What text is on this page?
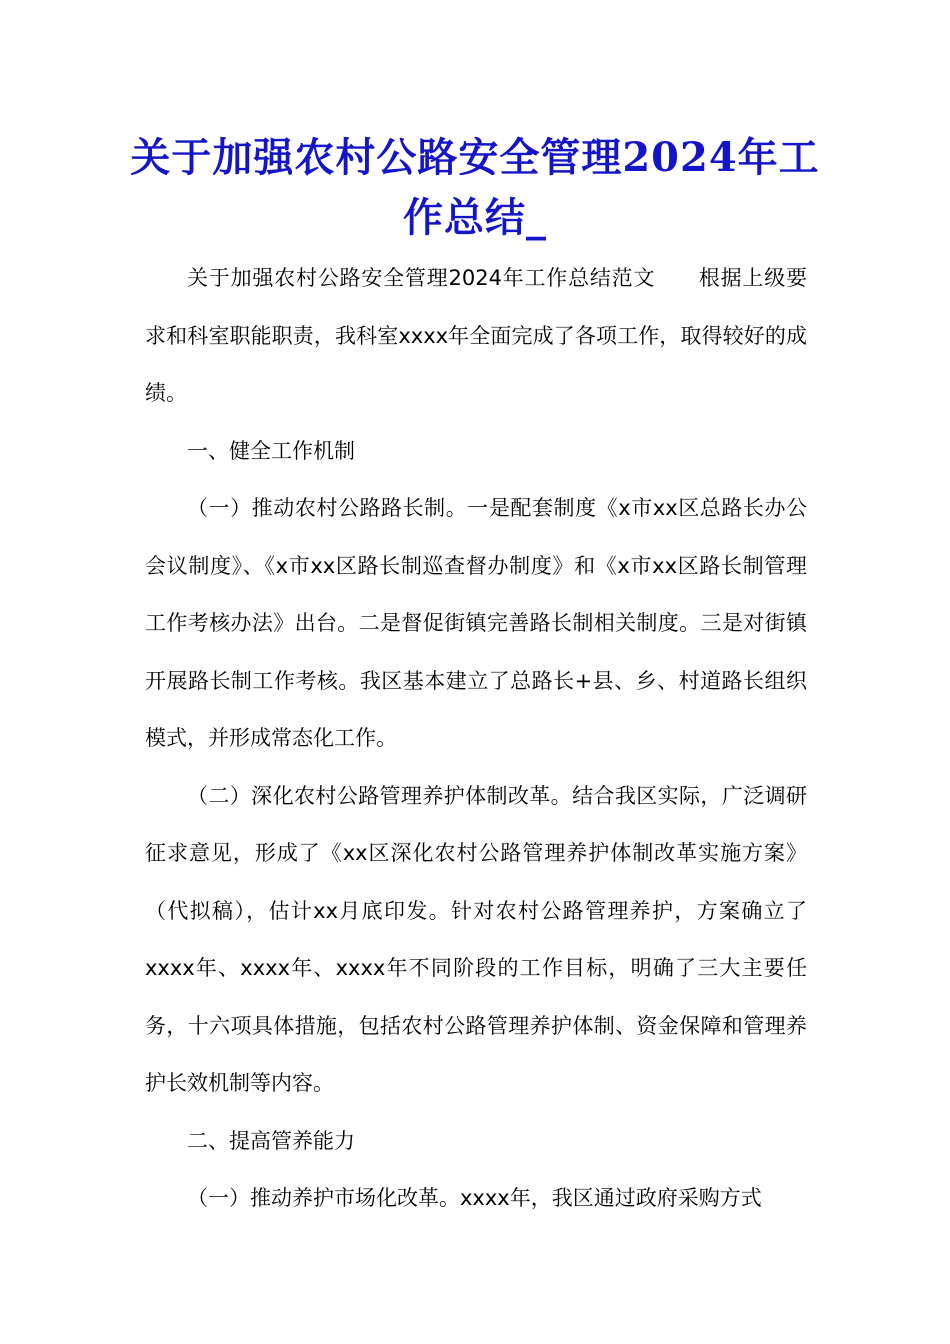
关于加强农村公路安全管理2024年工作总结_

关于加强农村公路安全管理2024年工作总结范文　　根据上级要求和科室职能职责，我科室xxxx年全面完成了各项工作，取得较好的成绩。

一、健全工作机制

（一）推动农村公路路长制。一是配套制度《x市xx区总路长办公会议制度》、《x市xx区路长制巡查督办制度》和《x市xx区路长制管理工作考核办法》出台。二是督促街镇完善路长制相关制度。三是对街镇开展路长制工作考核。我区基本建立了总路长+县、乡、村道路长组织模式，并形成常态化工作。

（二）深化农村公路管理养护体制改革。结合我区实际，广泛调研征求意见，形成了《xx区深化农村公路管理养护体制改革实施方案》（代拟稿），估计xx月底印发。针对农村公路管理养护，方案确立了xxxx年、xxxx年、xxxx年不同阶段的工作目标，明确了三大主要任务，十六项具体措施，包括农村公路管理养护体制、资金保障和管理养护长效机制等内容。

二、提高管养能力

（一）推动养护市场化改革。xxxx年，我区通过政府采购方式
